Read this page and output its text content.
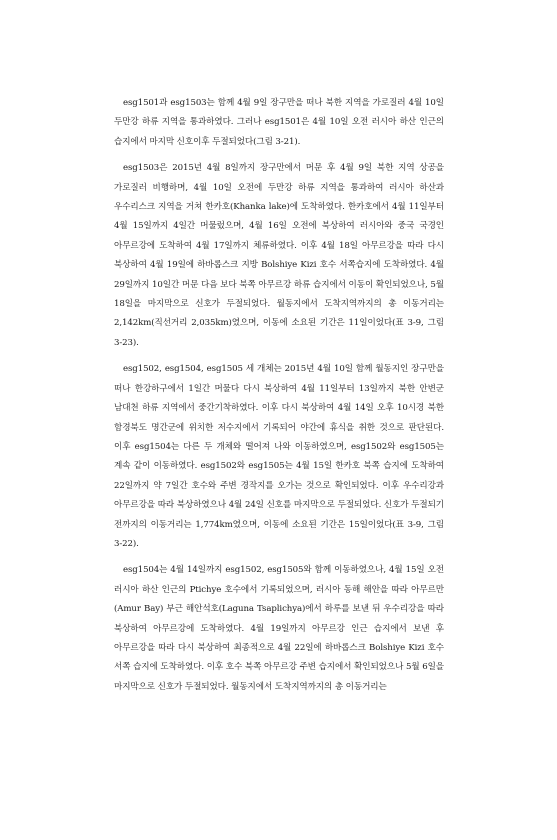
esg1501과 esg1503는 함께 4월 9일 장구만을 떠나 북한 지역을 가로질러 4월 10일 두만강 하류 지역을 통과하였다. 그러나 esg1501은 4월 10일 오전 러시아 하산 인근의 습지에서 마지막 신호이후 두절되었다(그림 3-21).

esg1503은 2015년 4월 8일까지 장구만에서 머문 후 4월 9일 북한 지역 상공을 가로질러 비행하며, 4월 10일 오전에 두만강 하류 지역을 통과하여 러시아 하산과 우수리스크 지역을 거쳐 한카호(Khanka lake)에 도착하였다. 한카호에서 4월 11일부터 4월 15일까지 4일간 머물렀으며, 4월 16일 오전에 북상하여 러시아와 중국 국경인 아무르강에 도착하여 4월 17일까지 체류하였다. 이후 4월 18일 아무르강을 따라 다시 북상하여 4월 19일에 하바롭스크 지방 Bolshiye Kizi 호수 서쪽습지에 도착하였다. 4월 29일까지 10일간 머문 다음 보다 북쪽 아무르강 하류 습지에서 이동이 확인되었으나, 5월 18일을 마지막으로 신호가 두절되었다. 월동지에서 도착지역까지의 총 이동거리는 2,142km(직선거리 2,035km)였으며, 이동에 소요된 기간은 11일이었다(표 3-9, 그림 3-23).

esg1502, esg1504, esg1505 세 개체는 2015년 4월 10일 함께 월동지인 장구만을 떠나 한강하구에서 1일간 머물다 다시 북상하여 4월 11일부터 13일까지 북한 안변군 남대천 하류 지역에서 중간기착하였다. 이후 다시 북상하여 4월 14일 오후 10시경 북한 함경북도 명간군에 위치한 저수지에서 기록되어 야간에 휴식을 취한 것으로 판단된다. 이후 esg1504는 다른 두 개체와 떨어져 나와 이동하였으며, esg1502와 esg1505는 계속 같이 이동하였다. esg1502와 esg1505는 4월 15일 한카호 북쪽 습지에 도착하여 22일까지 약 7일간 호수와 주변 경작지를 오가는 것으로 확인되었다. 이후 우수리강과 아무르강을 따라 북상하였으나 4월 24일 신호를 마지막으로 두절되었다. 신호가 두절되기 전까지의 이동거리는 1,774km였으며, 이동에 소요된 기간은 15일이었다(표 3-9, 그림 3-22).

esg1504는 4월 14일까지 esg1502, esg1505와 함께 이동하였으나, 4월 15일 오전 러시아 하산 인근의 Ptichye 호수에서 기록되었으며, 러시아 동해 해안을 따라 아무르만(Amur Bay) 부근 해안석호(Laguna Tsaplichya)에서 하루를 보낸 뒤 우수리강을 따라 북상하여 아무르강에 도착하였다. 4월 19일까지 아무르강 인근 습지에서 보낸 후 아무르강을 따라 다시 북상하여 최종적으로 4월 22일에 하바롭스크 Bolshiye Kizi 호수 서쪽 습지에 도착하였다. 이후 호수 북쪽 아무르강 주변 습지에서 확인되었으나 5월 6일을 마지막으로 신호가 두절되었다. 월동지에서 도착지역까지의 총 이동거리는
